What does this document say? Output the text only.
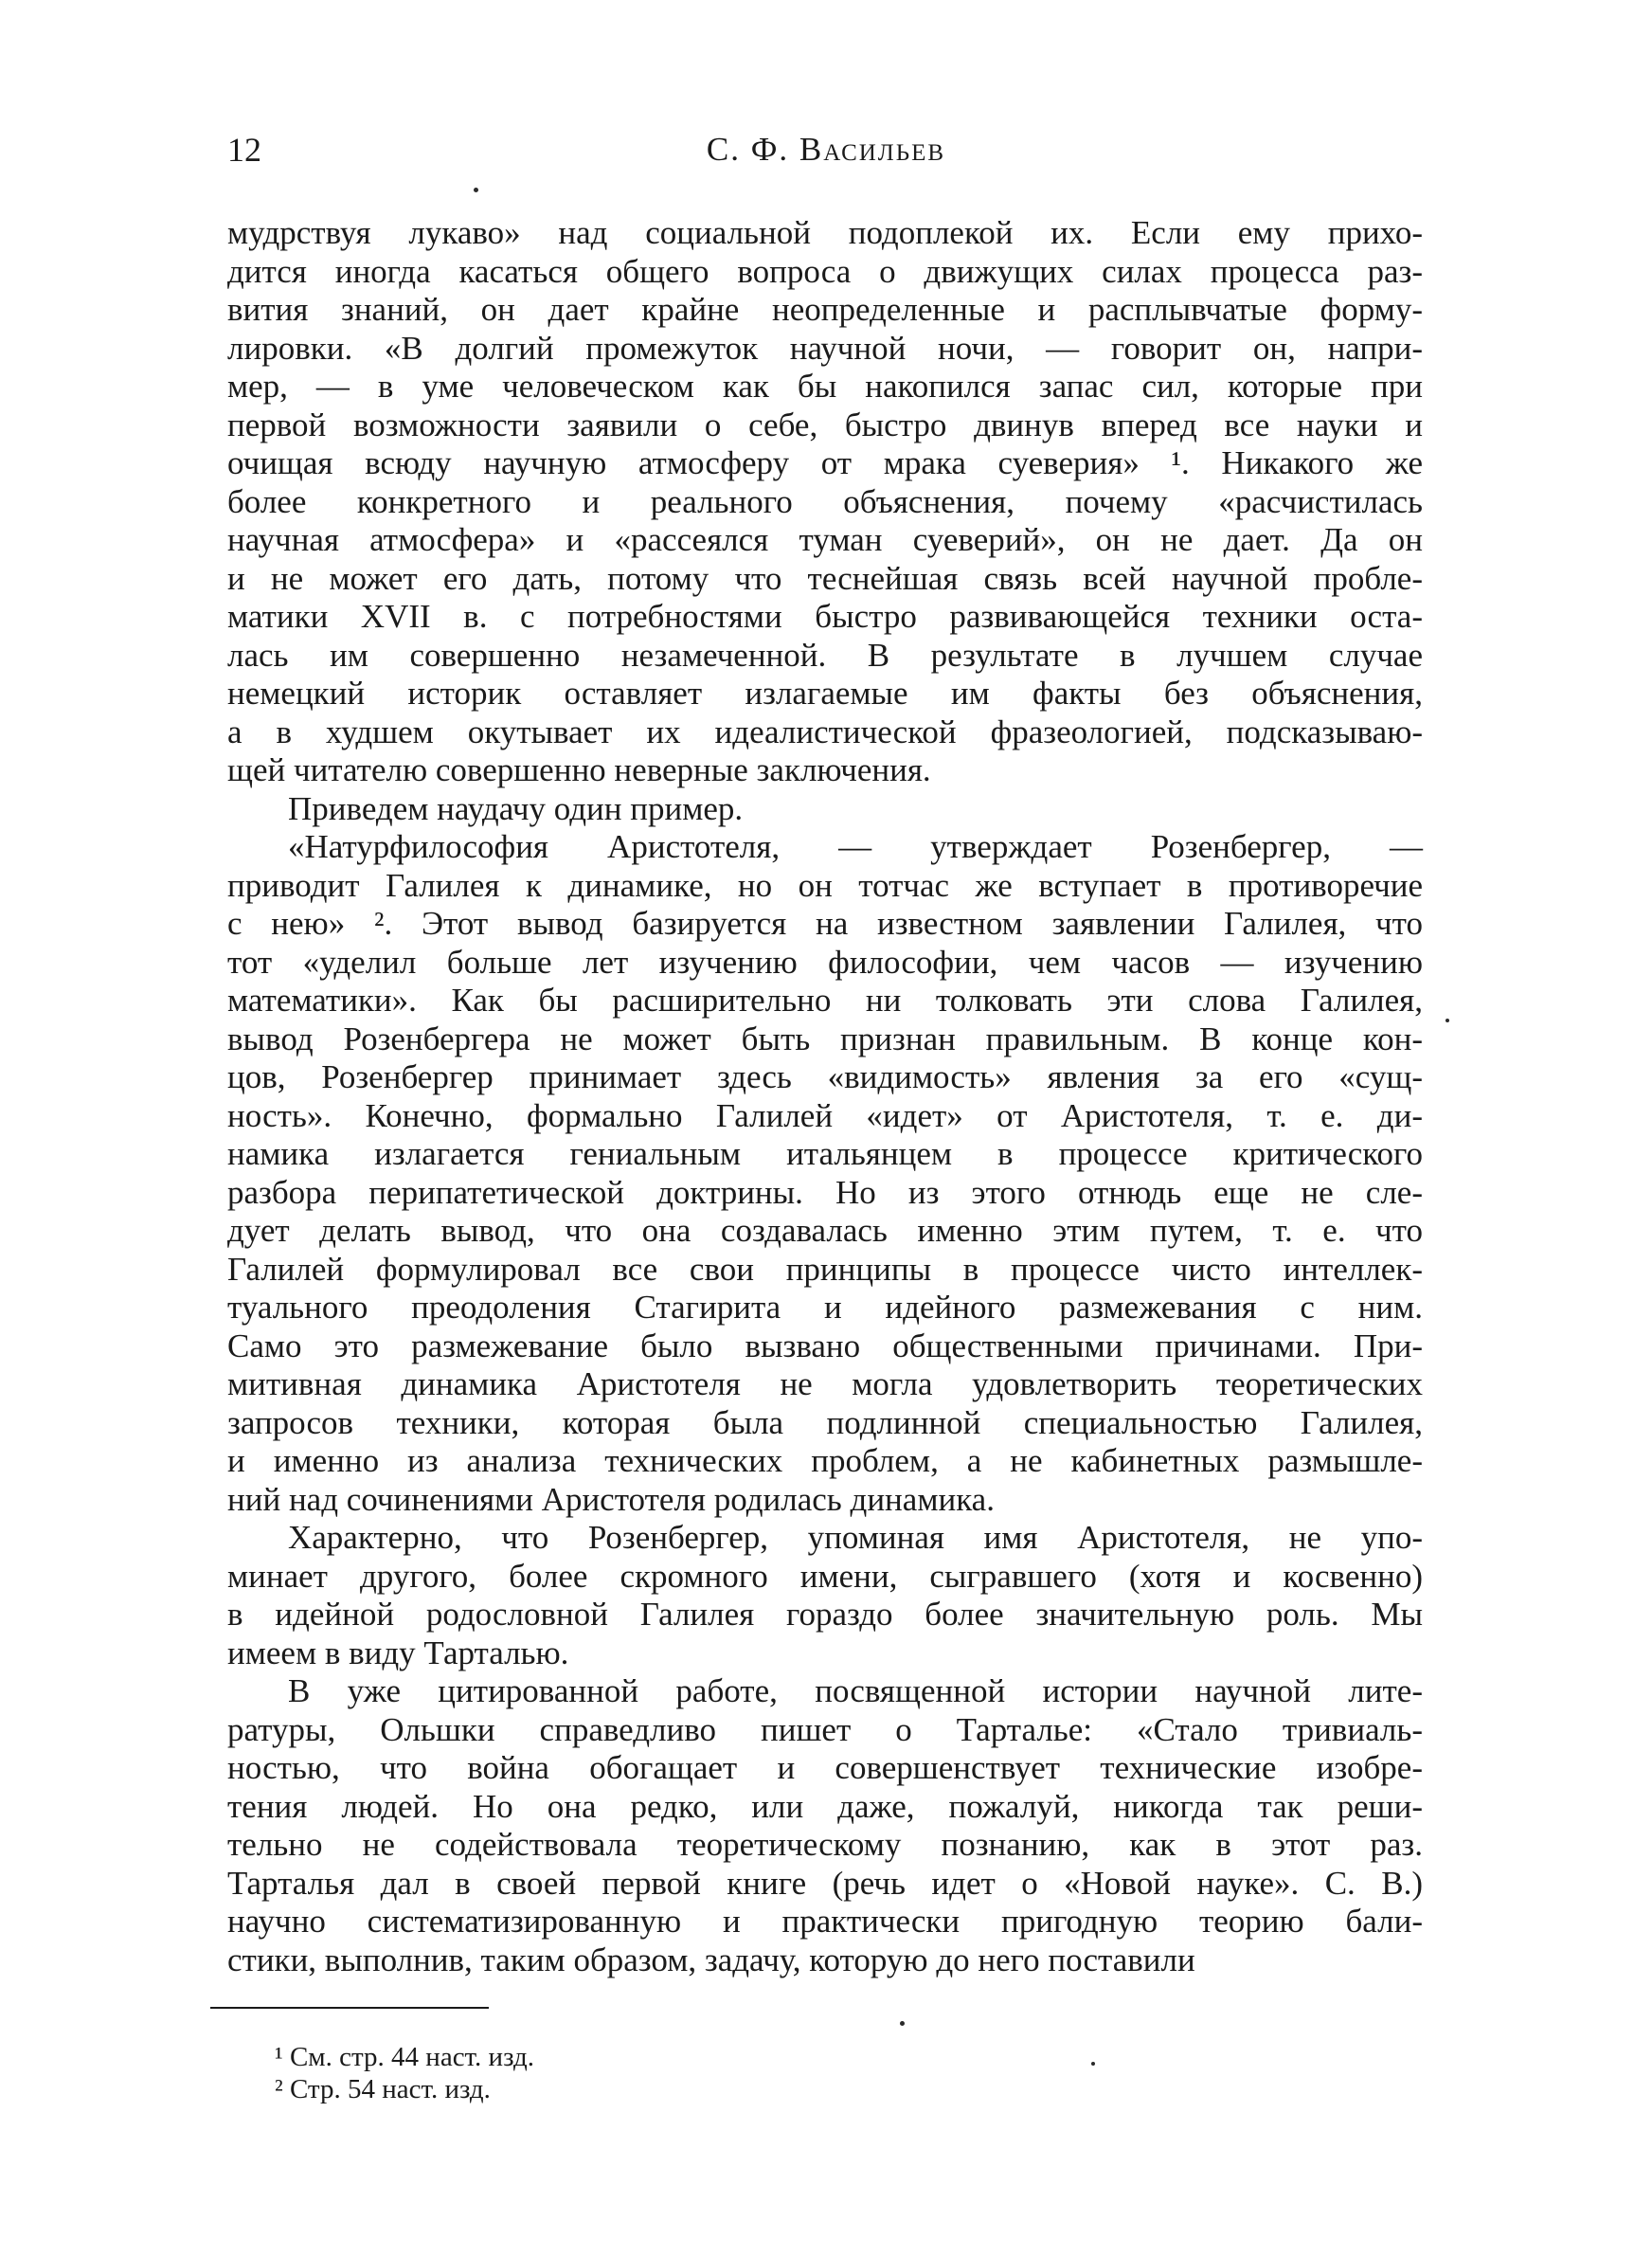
12	С. Ф. Васильев

мудрствуя лукаво» над социальной подоплекой их. Если ему прихо-
дится иногда касаться общего вопроса о движущих силах процесса раз-
вития знаний, он дает крайне неопределенные и расплывчатые форму-
лировки. «В долгий промежуток научной ночи, — говорит он, напри-
мер, — в уме человеческом как бы накопился запас сил, которые при
первой возможности заявили о себе, быстро двинув вперед все науки и
очищая всюду научную атмосферу от мрака суеверия» ¹. Никакого же
более конкретного и реального объяснения, почему «расчистилась
научная атмосфера» и «рассеялся туман суеверий», он не дает. Да он
и не может его дать, потому что теснейшая связь всей научной пробле-
матики XVII в. с потребностями быстро развивающейся техники оста-
лась им совершенно незамеченной. В результате в лучшем случае
немецкий историк оставляет излагаемые им факты без объяснения,
а в худшем окутывает их идеалистической фразеологией, подсказываю-
щей читателю совершенно неверные заключения.

Приведем наудачу один пример.

«Натурфилософия Аристотеля, — утверждает Розенбергер, —
приводит Галилея к динамике, но он тотчас же вступает в противоречие
с нею» ². Этот вывод базируется на известном заявлении Галилея, что
тот «уделил больше лет изучению философии, чем часов — изучению
математики». Как бы расширительно ни толковать эти слова Галилея,
вывод Розенбергера не может быть признан правильным. В конце кон-
цов, Розенбергер принимает здесь «видимость» явления за его «сущ-
ность». Конечно, формально Галилей «идет» от Аристотеля, т. е. ди-
намика излагается гениальным итальянцем в процессе критического
разбора перипатетической доктрины. Но из этого отнюдь еще не сле-
дует делать вывод, что она создавалась именно этим путем, т. е. что
Галилей формулировал все свои принципы в процессе чисто интеллек-
туального преодоления Стагирита и идейного размежевания с ним.
Само это размежевание было вызвано общественными причинами. При-
митивная динамика Аристотеля не могла удовлетворить теоретических
запросов техники, которая была подлинной специальностью Галилея,
и именно из анализа технических проблем, а не кабинетных размышле-
ний над сочинениями Аристотеля родилась динамика.

Характерно, что Розенбергер, упоминая имя Аристотеля, не упо-
минает другого, более скромного имени, сыгравшего (хотя и косвенно)
в идейной родословной Галилея гораздо более значительную роль. Мы
имеем в виду Тарталью.

В уже цитированной работе, посвященной истории научной лите-
ратуры, Ольшки справедливо пишет о Тарталье: «Стало тривиаль-
ностью, что война обогащает и совершенствует технические изобре-
тения людей. Но она редко, или даже, пожалуй, никогда так реши-
тельно не содействовала теоретическому познанию, как в этот раз.
Тарталья дал в своей первой книге (речь идет о «Новой науке». С. В.)
научно систематизированную и практически пригодную теорию бали-
стики, выполнив, таким образом, задачу, которую до него поставили

¹ См. стр. 44 наст. изд.
² Стр. 54 наст. изд.
